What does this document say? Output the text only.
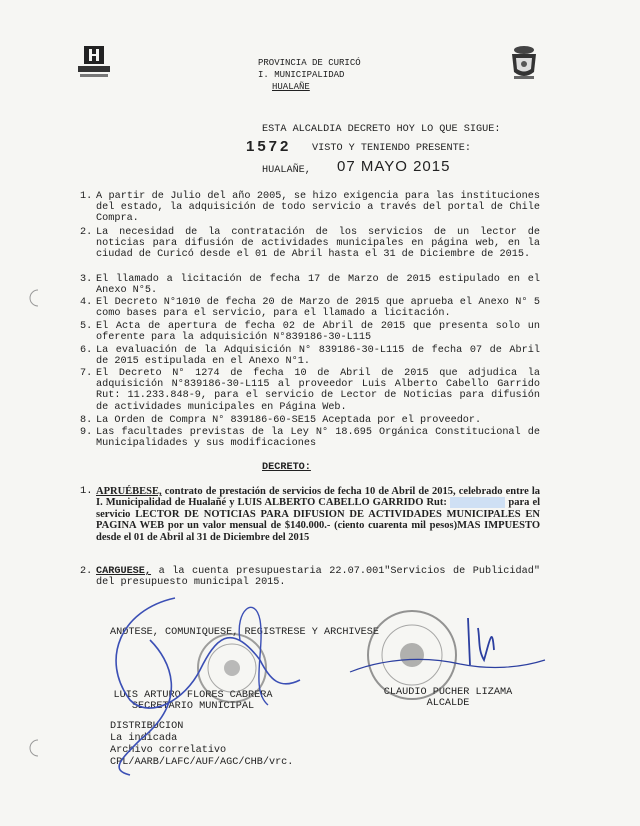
PROVINCIA DE CURICÓ
I. MUNICIPALIDAD
HUALAÑE
ESTA ALCALDIA DECRETO HOY LO QUE SIGUE:
1572 VISTO Y TENIENDO PRESENTE:
HUALAÑE, 07 MAYO 2015
1. A partir de Julio del año 2005, se hizo exigencia para las instituciones del estado, la adquisición de todo servicio a través del portal de Chile Compra.
2. La necesidad de la contratación de los servicios de un lector de noticias para difusión de actividades municipales en página web, en la ciudad de Curicó desde el 01 de Abril hasta el 31 de Diciembre de 2015.
3. El llamado a licitación de fecha 17 de Marzo de 2015 estipulado en el Anexo N°5.
4. El Decreto N°1010 de fecha 20 de Marzo de 2015 que aprueba el Anexo N° 5 como bases para el servicio, para el llamado a licitación.
5. El Acta de apertura de fecha 02 de Abril de 2015 que presenta solo un oferente para la adquisición N°839186-30-L115
6. La evaluación de la Adquisición N° 839186-30-L115 de fecha 07 de Abril de 2015 estipulada en el Anexo N°1.
7. El Decreto N° 1274 de fecha 10 de Abril de 2015 que adjudica la adquisición N°839186-30-L115 al proveedor Luis Alberto Cabello Garrido Rut: 11.233.848-9, para el servicio de Lector de Noticias para difusión de actividades municipales en Página Web.
8. La Orden de Compra N° 839186-60-SE15 Aceptada por el proveedor.
9. Las facultades previstas de la Ley N° 18.695 Orgánica Constitucional de Municipalidades y sus modificaciones
DECRETO:
1. APRUÉBESE, contrato de prestación de servicios de fecha 10 de Abril de 2015, celebrado entre la I. Municipalidad de Hualañé y LUIS ALBERTO CABELLO GARRIDO Rut: 11.233.848-9 para el servicio LECTOR DE NOTICIAS PARA DIFUSION DE ACTIVIDADES MUNICIPALES EN PAGINA WEB por un valor mensual de $140.000.- (ciento cuarenta mil pesos)MAS IMPUESTO desde el 01 de Abril al 31 de Diciembre del 2015
2. CARGUESE, a la cuenta presupuestaria 22.07.001"Servicios de Publicidad" del presupuesto municipal 2015.
ANOTESE, COMUNIQUESE, REGISTRESE Y ARCHIVESE
LUIS ARTURO FLORES CABRERA
SECRETARIO MUNICIPAL
CLAUDIO PUCHER LIZAMA
ALCALDE
DISTRIBUCION
La indicada
Archivo correlativo
CPL/AARB/LAFC/AUF/AGC/CHB/vrc.
